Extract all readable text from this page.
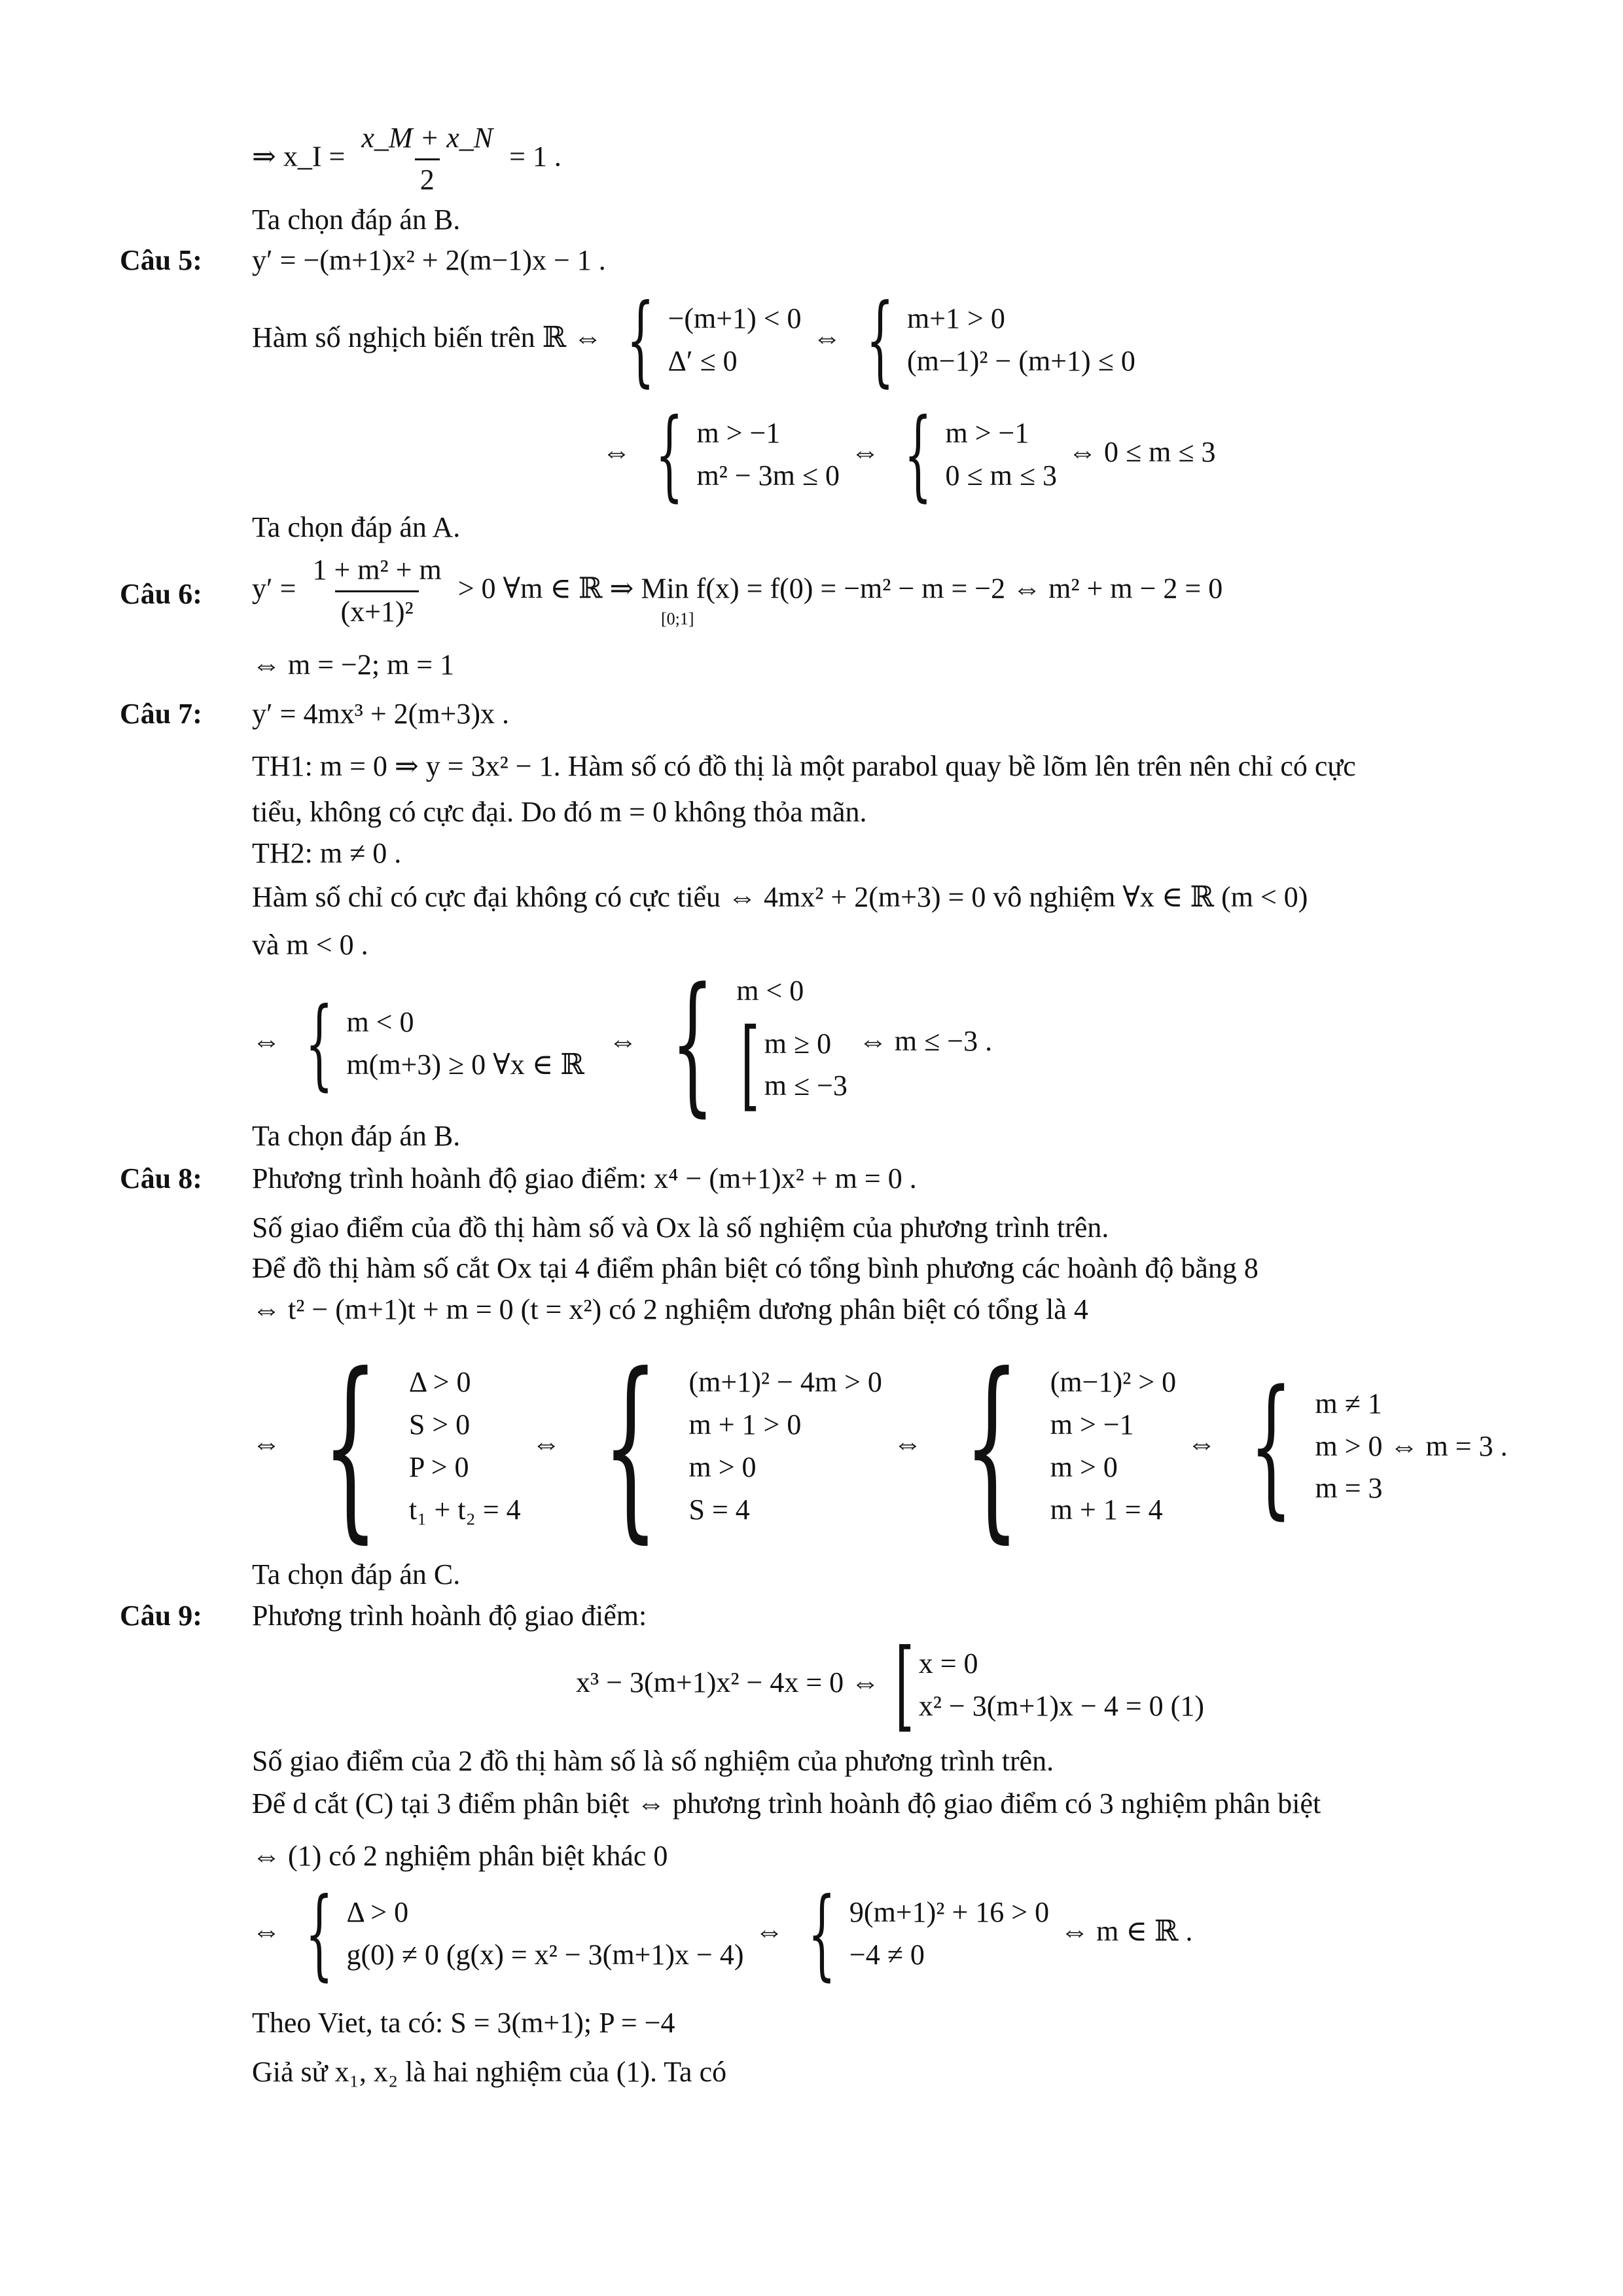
⇒ x_I = $\frac{x\_M + x\_N}{2} = 1$ .
Ta chọn đáp án B.
Câu 5: y′ = −(m+1)x² + 2(m−1)x − 1 .
Hàm số nghịch biến trên ℝ ⇔ { −(m+1) < 0
Δ′ ≤ 0
⇔ { m+1 > 0
(m−1)² − (m+1) ≤ 0
⇔ { m > −1
m² − 3m ≤ 0
⇔ { m > −1
0 ≤ m ≤ 3
⇔ 0 ≤ m ≤ 3
Ta chọn đáp án A.
Câu 6: $y' = \frac{\text{1 + m² + m}}{\text{(x+1)²}} > 0$ ∀m ∈ ℝ ⇒ Min f(x) = f(0) = −m² − m = −2 ⇔ m² + m − 2 = 0
[0;1]
⇔ m = −2; m = 1
Câu 7: y′ = 4mx³ + 2(m+3)x .
TH1: m = 0 ⇒ y = 3x² − 1. Hàm số có đồ thị là một parabol quay bề lõm lên trên nên chỉ có cực
tiểu, không có cực đại. Do đó m = 0 không thỏa mãn.
TH2: m ≠ 0 .
Hàm số chỉ có cực đại không có cực tiểu ⇔ 4mx² + 2(m+3) = 0 vô nghiệm ∀x ∈ ℝ (m < 0)
và m < 0 .
⇔ { m < 0
m(m+3) ≥ 0 ∀x ∈ ℝ
⇔ { m < 0
[ m ≥ 0
m ≤ −3
⇔ m ≤ −3 .
Ta chọn đáp án B.
Câu 8: Phương trình hoành độ giao điểm: x⁴ − (m+1)x² + m = 0 .
Số giao điểm của đồ thị hàm số và Ox là số nghiệm của phương trình trên.
Để đồ thị hàm số cắt Ox tại 4 điểm phân biệt có tổng bình phương các hoành độ bằng 8
⇔ t² − (m+1)t + m = 0 (t = x²) có 2 nghiệm dương phân biệt có tổng là 4
⇔ { Δ > 0
S > 0
P > 0
t₁ + t₂ = 4
⇔ { (m+1)² − 4m > 0
m + 1 > 0
m > 0
S = 4
⇔ { (m−1)² > 0
m > −1
m > 0
m + 1 = 4
⇔ { m ≠ 1
m > 0 ⇔ m = 3 .
m = 3
Ta chọn đáp án C.
Câu 9: Phương trình hoành độ giao điểm:
x³ − 3(m+1)x² − 4x = 0 ⇔ [ x = 0
x² − 3(m+1)x − 4 = 0 (1)
Số giao điểm của 2 đồ thị hàm số là số nghiệm của phương trình trên.
Để d cắt (C) tại 3 điểm phân biệt ⇔ phương trình hoành độ giao điểm có 3 nghiệm phân biệt
⇔ (1) có 2 nghiệm phân biệt khác 0
⇔ { Δ > 0
g(0) ≠ 0 (g(x) = x² − 3(m+1)x − 4)
⇔ { 9(m+1)² + 16 > 0
−4 ≠ 0
⇔ m ∈ ℝ .
Theo Viet, ta có: S = 3(m+1); P = −4
Giả sử x₁, x₂ là hai nghiệm của (1). Ta có
